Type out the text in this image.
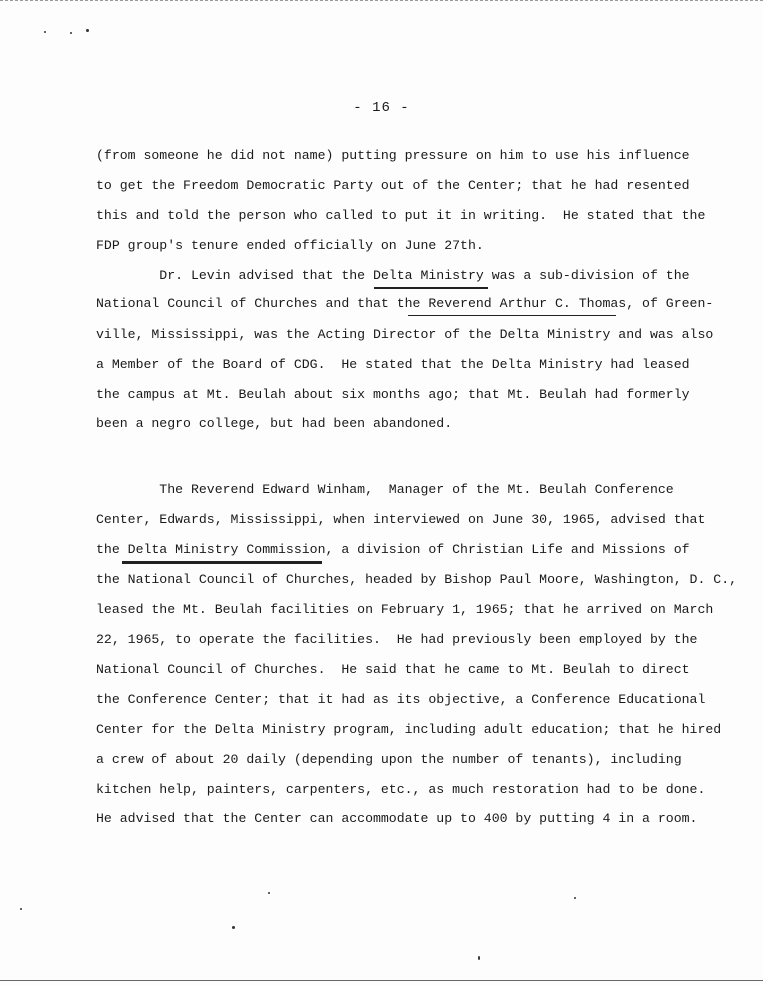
- 16 -
(from someone he did not name) putting pressure on him to use his influence
to get the Freedom Democratic Party out of the Center; that he had resented
this and told the person who called to put it in writing.  He stated that the
FDP group's tenure ended officially on June 27th.
Dr. Levin advised that the Delta Ministry was a sub-division of the
National Council of Churches and that the Reverend Arthur C. Thomas, of Green-
ville, Mississippi, was the Acting Director of the Delta Ministry and was also
a Member of the Board of CDG.  He stated that the Delta Ministry had leased
the campus at Mt. Beulah about six months ago; that Mt. Beulah had formerly
been a negro college, but had been abandoned.
The Reverend Edward Winham,  Manager of the Mt. Beulah Conference
Center, Edwards, Mississippi, when interviewed on June 30, 1965, advised that
the Delta Ministry Commission, a division of Christian Life and Missions of
the National Council of Churches, headed by Bishop Paul Moore, Washington, D. C.,
leased the Mt. Beulah facilities on February 1, 1965; that he arrived on March
22, 1965, to operate the facilities.  He had previously been employed by the
National Council of Churches.  He said that he came to Mt. Beulah to direct
the Conference Center; that it had as its objective, a Conference Educational
Center for the Delta Ministry program, including adult education; that he hired
a crew of about 20 daily (depending upon the number of tenants), including
kitchen help, painters, carpenters, etc., as much restoration had to be done.
He advised that the Center can accommodate up to 400 by putting 4 in a room.
